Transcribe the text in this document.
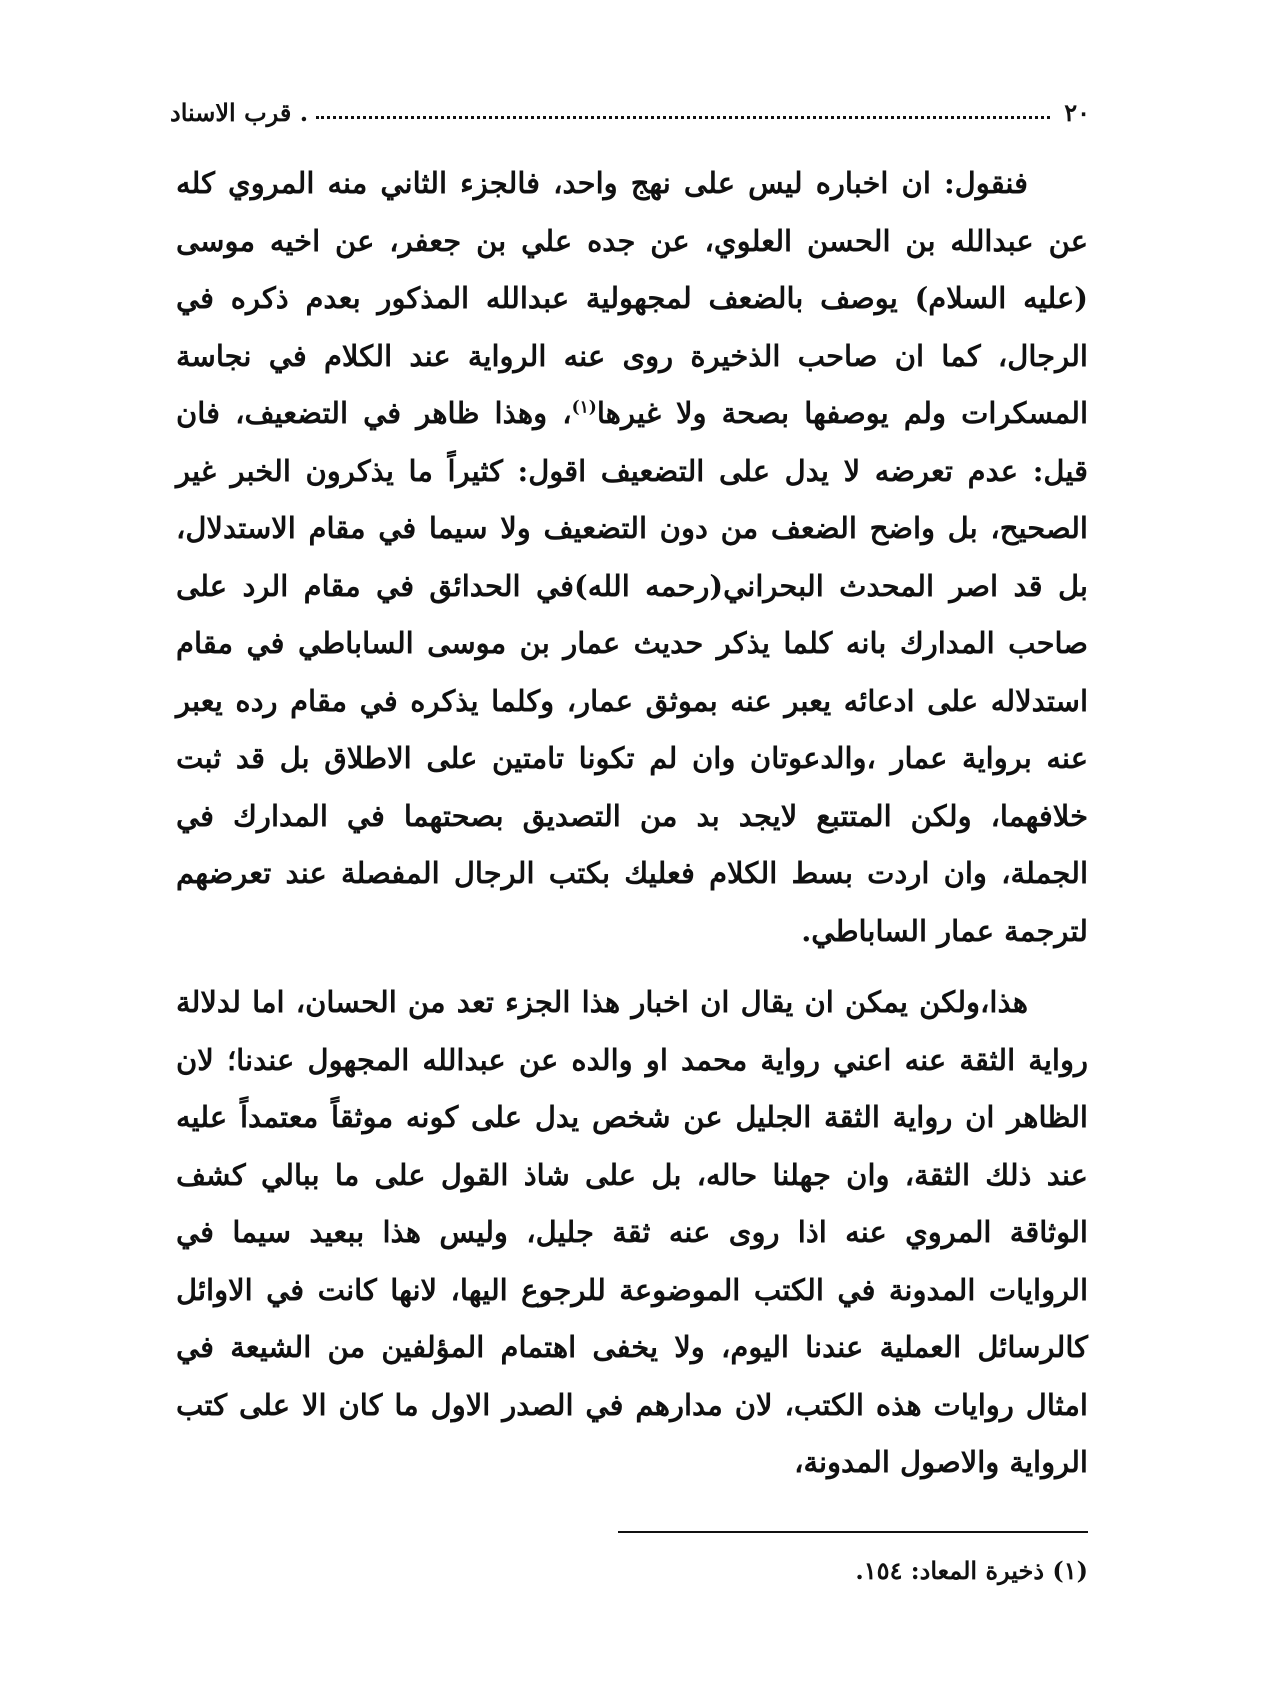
٢٠
. قرب الاسناد

فنقول: ان اخباره ليس على نهج واحد، فالجزء الثاني منه المروي كله عن عبدالله بن الحسن العلوي، عن جده علي بن جعفر، عن اخيه موسى (عليه السلام) يوصف بالضعف لمجهولية عبدالله المذكور بعدم ذكره في الرجال، كما ان صاحب الذخيرة روى عنه الرواية عند الكلام في نجاسة المسكرات ولم يوصفها بصحة ولا غيرها$^{(١)}$، وهذا ظاهر في التضعيف، فان قيل: عدم تعرضه لا يدل على التضعيف اقول: كثيراً ما يذكرون الخبر غير الصحيح، بل واضح الضعف من دون التضعيف ولا سيما في مقام الاستدلال، بل قد اصر المحدث البحراني(رحمه الله)في الحدائق في مقام الرد على صاحب المدارك بانه كلما يذكر حديث عمار بن موسى الساباطي في مقام استدلاله على ادعائه يعبر عنه بموثق عمار، وكلما يذكره في مقام رده يعبر عنه برواية عمار ،والدعوتان وان لم تكونا تامتين على الاطلاق بل قد ثبت خلافهما، ولكن المتتبع لايجد بد من التصديق بصحتهما في المدارك في الجملة، وان اردت بسط الكلام فعليك بكتب الرجال المفصلة عند تعرضهم لترجمة عمار الساباطي.

هذا،ولكن يمكن ان يقال ان اخبار هذا الجزء تعد من الحسان، اما لدلالة رواية الثقة عنه اعني رواية محمد او والده عن عبدالله المجهول عندنا؛ لان الظاهر ان رواية الثقة الجليل عن شخص يدل على كونه موثقاً معتمداً عليه عند ذلك الثقة، وان جهلنا حاله، بل على شاذ القول على ما ببالي كشف الوثاقة المروي عنه اذا روى عنه ثقة جليل، وليس هذا ببعيد سيما في الروايات المدونة في الكتب الموضوعة للرجوع اليها، لانها كانت في الاوائل كالرسائل العملية عندنا اليوم، ولا يخفى اهتمام المؤلفين من الشيعة في امثال روايات هذه الكتب، لان مدارهم في الصدر الاول ما كان الا على كتب الرواية والاصول المدونة،

(١) ذخيرة المعاد: ١٥٤.
